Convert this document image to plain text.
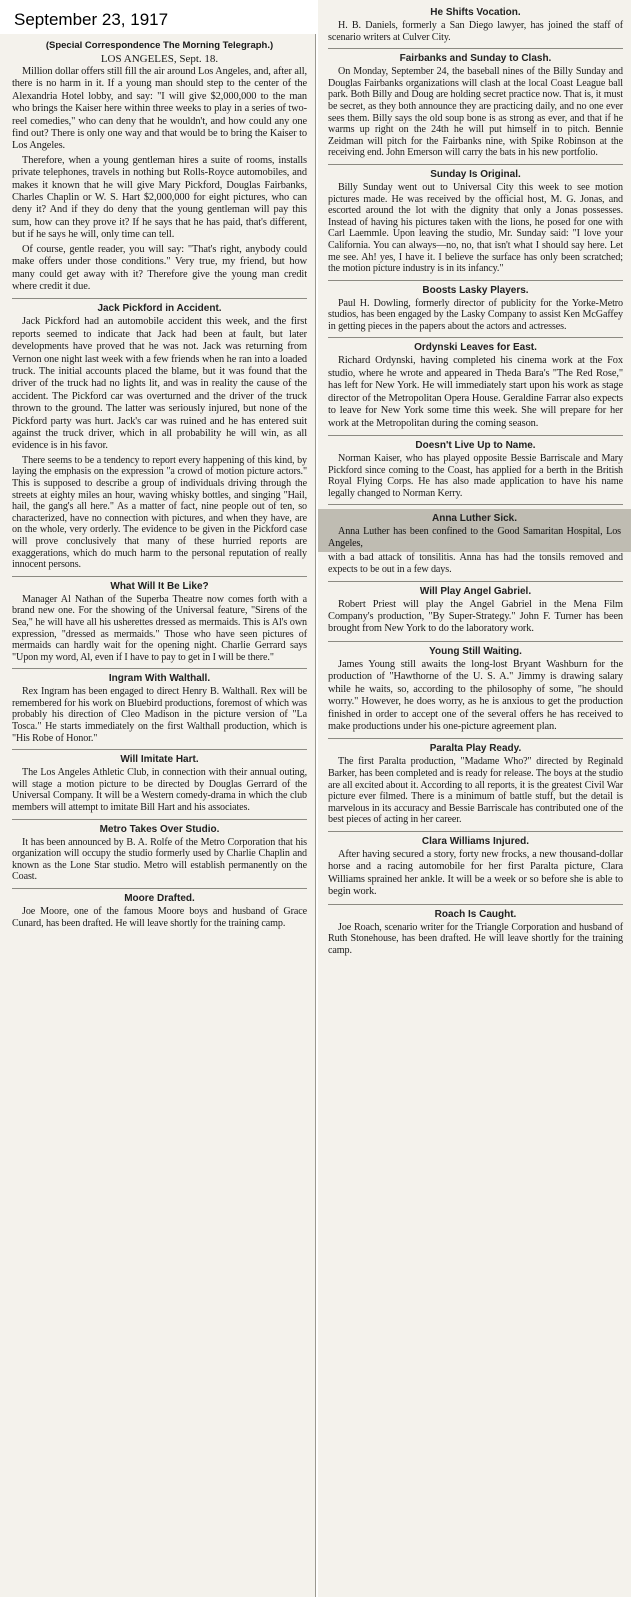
(Special Correspondence The Morning Telegraph.)
LOS ANGELES, Sept. 18.

Million dollar offers still fill the air around Los Angeles, and, after all, there is no harm in it. If a young man should step to the center of the Alexandria Hotel lobby, and say: "I will give $2,000,000 to the man who brings the Kaiser here within three weeks to play in a series of two-reel comedies," who can deny that he wouldn't, and how could any one find out? There is only one way and that would be to bring the Kaiser to Los Angeles.

Therefore, when a young gentleman hires a suite of rooms, installs private telephones, travels in nothing but Rolls-Royce automobiles, and makes it known that he will give Mary Pickford, Douglas Fairbanks, Charles Chaplin or W. S. Hart $2,000,000 for eight pictures, who can deny it? And if they do deny that the young gentleman will pay this sum, how can they prove it? If he says that he has paid, that's different, but if he says he will, only time can tell.

Of course, gentle reader, you will say: "That's right, anybody could make offers under those conditions." Very true, my friend, but how many could get away with it? Therefore give the young man credit where credit it due.

Jack Pickford in Accident.

Jack Pickford had an automobile accident this week, and the first reports seemed to indicate that Jack had been at fault, but later developments have proved that he was not. Jack was returning from Vernon one night last week with a few friends when he ran into a loaded truck. The initial accounts placed the blame, but it was found that the driver of the truck had no lights lit, and was in reality the cause of the accident. The Pickford car was overturned and the driver of the truck thrown to the ground. The latter was seriously injured, but none of the Pickford party was hurt. Jack's car was ruined and he has entered suit against the truck driver, which in all probability he will win, as all evidence is in his favor.

There seems to be a tendency to report every happening of this kind, by laying the emphasis on the expression "a crowd of motion picture actors." This is supposed to describe a group of individuals driving through the streets at eighty miles an hour, waving whisky bottles, and singing "Hail, hail, the gang's all here." As a matter of fact, nine people out of ten, so characterized, have no connection with pictures, and when they have, are on the whole, very orderly. The evidence to be given in the Pickford case will prove conclusively that many of these hurried reports are exaggerations, which do much harm to the personal reputation of really innocent persons.

What Will It Be Like?

Manager Al Nathan of the Superba Theatre now comes forth with a brand new one. For the showing of the Universal feature, "Sirens of the Sea," he will have all his usherettes dressed as mermaids. This is Al's own expression, "dressed as mermaids." Those who have seen pictures of mermaids can hardly wait for the opening night. Charlie Gerrard says "Upon my word, Al, even if I have to pay to get in I will be there."

Ingram With Walthall.

Rex Ingram has been engaged to direct Henry B. Walthall. Rex will be remembered for his work on Bluebird productions, foremost of which was probably his direction of Cleo Madison in the picture version of "La Tosca." He starts immediately on the first Walthall production, which is "His Robe of Honor."

Will Imitate Hart.

The Los Angeles Athletic Club, in connection with their annual outing, will stage a motion picture to be directed by Douglas Gerrard of the Universal Company. It will be a Western comedy-drama in which the club members will attempt to imitate Bill Hart and his associates.

Metro Takes Over Studio.

It has been announced by B. A. Rolfe of the Metro Corporation that his organization will occupy the studio formerly used by Charlie Chaplin and known as the Lone Star studio. Metro will establish permanently on the Coast.

Moore Drafted.

Joe Moore, one of the famous Moore boys and husband of Grace Cunard, has been drafted. He will leave shortly for the training camp.

September 23, 1917	He Shifts Vocation.

H. B. Daniels, formerly a San Diego lawyer, has joined the staff of scenario writers at Culver City.

Fairbanks and Sunday to Clash.

On Monday, September 24, the baseball nines of the Billy Sunday and Douglas Fairbanks organizations will clash at the local Coast League ball park. Both Billy and Doug are holding secret practice now. That is, it must be secret, as they both announce they are practicing daily, and no one ever sees them. Billy says the old soup bone is as strong as ever, and that if he warms up right on the 24th he will put himself in to pitch. Bennie Zeidman will pitch for the Fairbanks nine, with Spike Robinson at the receiving end. John Emerson will carry the bats in his new portfolio.

Sunday Is Original.

Billy Sunday went out to Universal City this week to see motion pictures made. He was received by the official host, M. G. Jonas, and escorted around the lot with the dignity that only a Jonas possesses. Instead of having his pictures taken with the lions, he posed for one with Carl Laemmle. Upon leaving the studio, Mr. Sunday said: "I love your California. You can always—no, no, that isn't what I should say here. Let me see. Ah! yes, I have it. I believe the surface has only been scratched; the motion picture industry is in its infancy."

Boosts Lasky Players.

Paul H. Dowling, formerly director of publicity for the Yorke-Metro studios, has been engaged by the Lasky Company to assist Ken McGaffey in getting pieces in the papers about the actors and actresses.

Ordynski Leaves for East.

Richard Ordynski, having completed his cinema work at the Fox studio, where he wrote and appeared in Theda Bara's "The Red Rose," has left for New York. He will immediately start upon his work as stage director of the Metropolitan Opera House. Geraldine Farrar also expects to leave for New York some time this week. She will prepare for her work at the Metropolitan during the coming season.

Doesn't Live Up to Name.

Norman Kaiser, who has played opposite Bessie Barriscale and Mary Pickford since coming to the Coast, has applied for a berth in the British Royal Flying Corps. He has also made application to have his name legally changed to Norman Kerry.

Anna Luther Sick.

Anna Luther has been confined to the Good Samaritan Hospital, Los Angeles,

with a bad attack of tonsilitis. Anna has had the tonsils removed and expects to be out in a few days.

Will Play Angel Gabriel.

Robert Priest will play the Angel Gabriel in the Mena Film Company's production, "By Super-Strategy." John F. Turner has been brought from New York to do the laboratory work.

Young Still Waiting.

James Young still awaits the long-lost Bryant Washburn for the production of "Hawthorne of the U. S. A." Jimmy is drawing salary while he waits, so, according to the philosophy of some, "he should worry." However, he does worry, as he is anxious to get the production finished in order to accept one of the several offers he has received to make productions under his one-picture agreement plan.

Paralta Play Ready.

The first Paralta production, "Madame Who?" directed by Reginald Barker, has been completed and is ready for release. The boys at the studio are all excited about it. According to all reports, it is the greatest Civil War picture ever filmed. There is a minimum of battle stuff, but the detail is marvelous in its accuracy and Bessie Barriscale has contributed one of the best pieces of acting in her career.

Clara Williams Injured.

After having secured a story, forty new frocks, a new thousand-dollar horse and a racing automobile for her first Paralta picture, Clara Williams sprained her ankle. It will be a week or so before she is able to begin work.

Roach Is Caught.

Joe Roach, scenario writer for the Triangle Corporation and husband of Ruth Stonehouse, has been drafted. He will leave shortly for the training camp.
